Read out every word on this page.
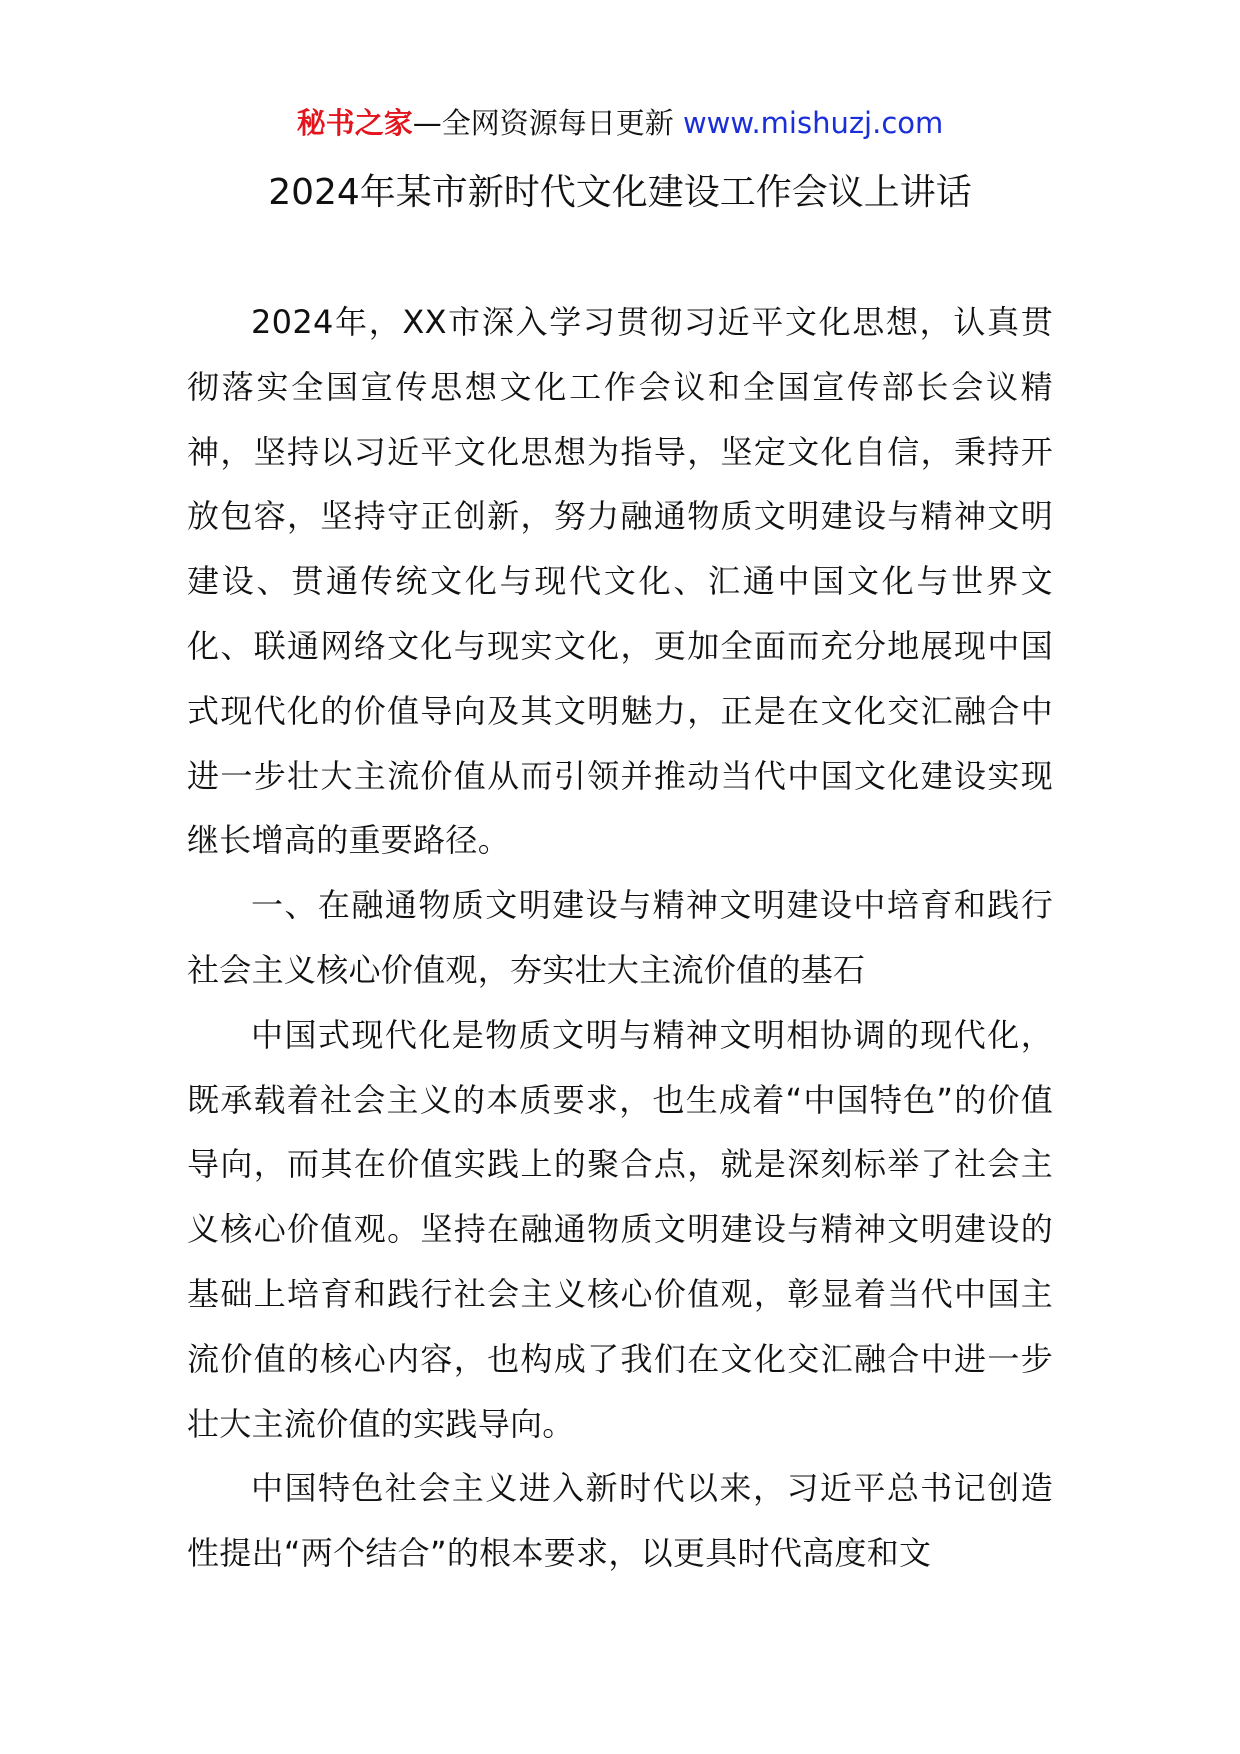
秘书之家—全网资源每日更新 www.mishuzj.com
2024年某市新时代文化建设工作会议上讲话

2024年，XX市深入学习贯彻习近平文化思想，认真贯彻落实全国宣传思想文化工作会议和全国宣传部长会议精神，坚持以习近平文化思想为指导，坚定文化自信，秉持开放包容，坚持守正创新，努力融通物质文明建设与精神文明建设、贯通传统文化与现代文化、汇通中国文化与世界文化、联通网络文化与现实文化，更加全面而充分地展现中国式现代化的价值导向及其文明魅力，正是在文化交汇融合中进一步壮大主流价值从而引领并推动当代中国文化建设实现继长增高的重要路径。

一、在融通物质文明建设与精神文明建设中培育和践行社会主义核心价值观，夯实壮大主流价值的基石

中国式现代化是物质文明与精神文明相协调的现代化，既承载着社会主义的本质要求，也生成着“中国特色”的价值导向，而其在价值实践上的聚合点，就是深刻标举了社会主义核心价值观。坚持在融通物质文明建设与精神文明建设的基础上培育和践行社会主义核心价值观，彰显着当代中国主流价值的核心内容，也构成了我们在文化交汇融合中进一步壮大主流价值的实践导向。

中国特色社会主义进入新时代以来，习近平总书记创造性提出“两个结合”的根本要求，以更具时代高度和文
